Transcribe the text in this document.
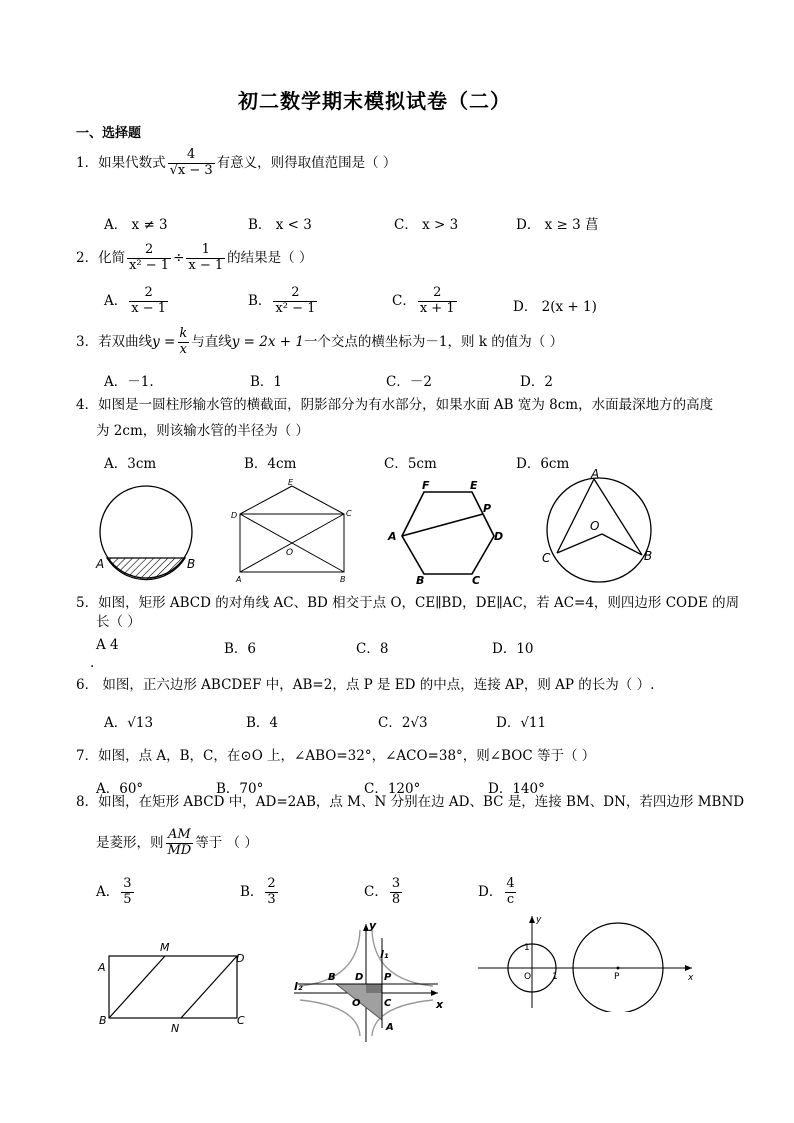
初二数学期末模拟试卷（二）
一、选择题
1．如果代数式 $\frac{4}{√x - 3}$ 有意义，则得取值范围是（ ）
A． x ≠ 3	B． x < 3	C． x > 3	D． x ≥ 3 菖
2．化简 $\frac{2}{\text{x² − 1}} \div \frac{1}{x - 1}$ 的结果是（ ）
A． $\frac{2}{x - 1}$	B． $\frac{2}{\text{x² − 1}}$	C． $\frac{2}{x + 1}$	D． 2(x + 1)
3．若双曲线$y = \frac{k}{x}$ 与直线y = 2x + 1一个交点的横坐标为－1，则 k 的值为（ ）
A．－1.	B．1	C．－2	D．2
4．如图是一圆柱形输水管的横截面，阴影部分为有水部分，如果水面 AB 宽为 8cm，水面最深地方的高度
为 2cm，则该输水管的半径为（ ）
A．3cm	B．4cm	C．5cm	D．6cm
A	B
E
D	C
O
A	B
F	E
P
A	D
B	C
A
O
C	B
5．如图，矩形 ABCD 的对角线 AC、BD 相交于点 O，CE∥BD，DE∥AC，若 AC=4，则四边形 CODE 的周
长（ ）
A 4	B．6	C．8	D．10
.
6． 如图，正六边形 ABCDEF 中，AB=2，点 P 是 ED 的中点，连接 AP，则 AP 的长为（ ）.
A．√13	B．4	C．2√3	D．√11
7．如图，点 A，B，C，在⊙O 上，∠ABO=32°，∠ACO=38°，则∠BOC 等于（ ）
A．60°	B．70°	C．120°	D．140°
8．如图，在矩形 ABCD 中，AD=2AB，点 M、N 分别在边 AD、BC 是，连接 BM、DN，若四边形 MBND
是菱形，则 $\frac{AM}{MD}$ 等于 （ ）
A． $\frac{3}{5}$	B． $\frac{2}{3}$	C． $\frac{3}{8}$	D． $\frac{4}{c}$
M
A
D
B	C
N
y
x
l₁
l₂
B D P
O C
A
y
x
1
O 1	P
